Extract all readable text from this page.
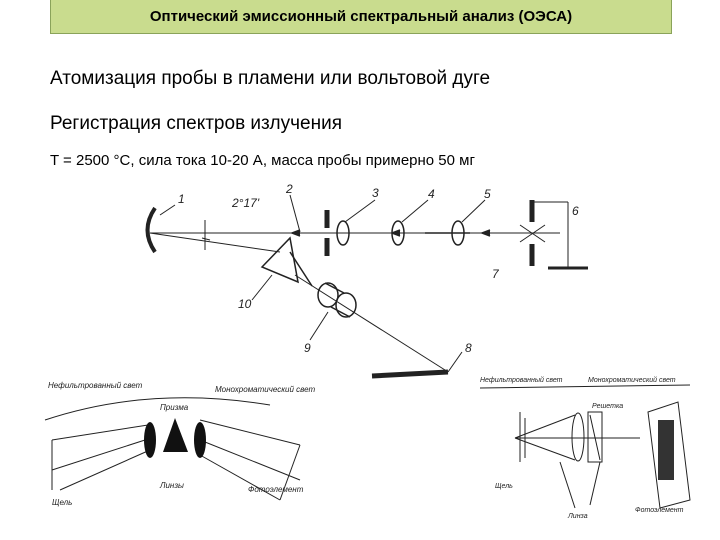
Оптический эмиссионный спектральный анализ (ОЭСА)
Атомизация пробы в пламени или вольтовой дуге
Регистрация спектров излучения
T = 2500 °С, сила тока 10-20 А, масса пробы примерно 50 мг
1
2	3	4	5
6
7
8
9
10
2°17'
Нефильтрованный свет
Призма
Монохроматический свет
Щель
Линзы	Фотоэлемент
Нефильтрованный свет	Монохроматический свет
Решетка
Щель
Линза
Фотоэлемент
